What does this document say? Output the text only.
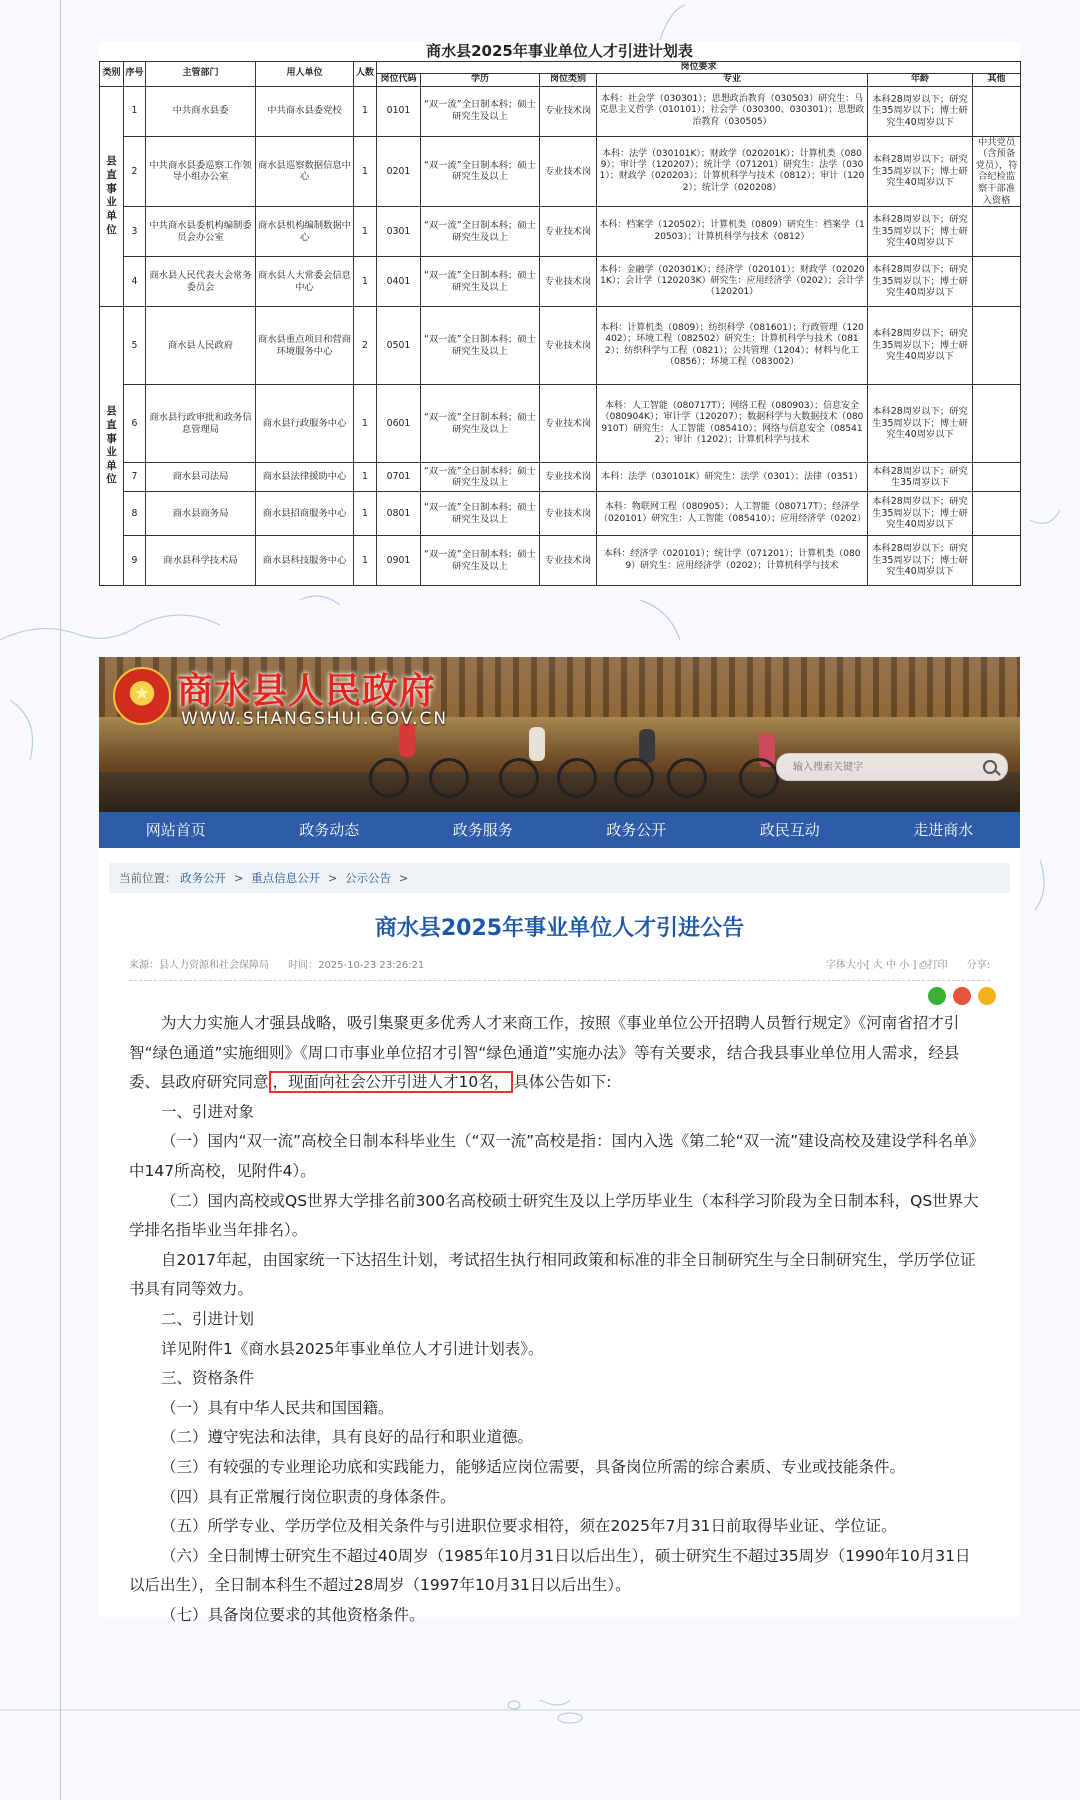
商水县2025年事业单位人才引进计划表
类别	序号	主管部门	用人单位	人数	岗位要求					
					岗位代码	学历	岗位类别	专业	年龄	其他
县直事业单位	1	中共商水县委	中共商水县委党校	1	0101	“双一流”全日制本科；硕士研究生及以上	专业技术岗	本科：社会学（030301）；思想政治教育（030503）研究生：马克思主义哲学（010101）；社会学（030300、030301）；思想政治教育（030505）	本科28周岁以下；研究生35周岁以下；博士研究生40周岁以下	
	2	中共商水县委巡察工作领导小组办公室	商水县巡察数据信息中心	1	0201	“双一流”全日制本科；硕士研究生及以上	专业技术岗	本科：法学（030101K）；财政学（020201K）；计算机类（0809）；审计学（120207）；统计学（071201）研究生：法学（0301）；财政学（020203）；计算机科学与技术（0812）；审计（1202）；统计学（020208）	本科28周岁以下；研究生35周岁以下；博士研究生40周岁以下	中共党员（含预备党员），符合纪检监察干部准入资格
	3	中共商水县委机构编制委员会办公室	商水县机构编制数据中心	1	0301	“双一流”全日制本科；硕士研究生及以上	专业技术岗	本科：档案学（120502）；计算机类（0809）研究生：档案学（120503）；计算机科学与技术（0812）	本科28周岁以下；研究生35周岁以下；博士研究生40周岁以下	
	4	商水县人民代表大会常务委员会	商水县人大常委会信息中心	1	0401	“双一流”全日制本科；硕士研究生及以上	专业技术岗	本科：金融学（020301K）；经济学（020101）；财政学（020201K）；会计学（120203K）研究生：应用经济学（0202）；会计学（120201）	本科28周岁以下；研究生35周岁以下；博士研究生40周岁以下	
县直事业单位	5	商水县人民政府	商水县重点项目和营商环境服务中心	2	0501	“双一流”全日制本科；硕士研究生及以上	专业技术岗	本科：计算机类（0809）；纺织科学（081601）；行政管理（120402）；环境工程（082502）研究生：计算机科学与技术（0812）；纺织科学与工程（0821）；公共管理（1204）；材料与化工（0856）；环境工程（083002）	本科28周岁以下；研究生35周岁以下；博士研究生40周岁以下	
	6	商水县行政审批和政务信息管理局	商水县行政服务中心	1	0601	“双一流”全日制本科；硕士研究生及以上	专业技术岗	本科：人工智能（080717T）；网络工程（080903）；信息安全（080904K）；审计学（120207）；数据科学与大数据技术（080910T）研究生：人工智能（085410）；网络与信息安全（085412）；审计（1202）；计算机科学与技术	本科28周岁以下；研究生35周岁以下；博士研究生40周岁以下	
	7	商水县司法局	商水县法律援助中心	1	0701	“双一流”全日制本科；硕士研究生及以上	专业技术岗	本科：法学（030101K）研究生：法学（0301）；法律（0351）	本科28周岁以下；研究生35周岁以下	
	8	商水县商务局	商水县招商服务中心	1	0801	“双一流”全日制本科；硕士研究生及以上	专业技术岗	本科：物联网工程（080905）；人工智能（080717T）；经济学（020101）研究生：人工智能（085410）；应用经济学（0202）	本科28周岁以下；研究生35周岁以下；博士研究生40周岁以下	
	9	商水县科学技术局	商水县科技服务中心	1	0901	“双一流”全日制本科；硕士研究生及以上	专业技术岗	本科：经济学（020101）；统计学（071201）；计算机类（0809）研究生：应用经济学（0202）；计算机科学与技术	本科28周岁以下；研究生35周岁以下；博士研究生40周岁以下	
★ 商水县人民政府
WWW.SHANGSHUI.GOV.CN
输入搜索关键字
网站首页	政务动态	政务服务	政务公开	政民互动	走进商水
当前位置： 政务公开 > 重点信息公开 > 公示公告 >
商水县2025年事业单位人才引进公告
来源：县人力资源和社会保障局 时间：2025-10-23 23:26:21	字体大小[ 大 中 小 ] ⎙打印 分享:

为大力实施人才强县战略，吸引集聚更多优秀人才来商工作，按照《事业单位公开招聘人员暂行规定》《河南省招才引智“绿色通道”实施细则》《周口市事业单位招才引智“绿色通道”实施办法》等有关要求，结合我县事业单位用人需求，经县委、县政府研究同意 ，现面向社会公开引进人才10名， 具体公告如下:

一、引进对象

（一）国内“双一流”高校全日制本科毕业生（“双一流”高校是指：国内入选《第二轮“双一流”建设高校及建设学科名单》中147所高校，见附件4）。

（二）国内高校或QS世界大学排名前300名高校硕士研究生及以上学历毕业生（本科学习阶段为全日制本科，QS世界大学排名指毕业当年排名）。

自2017年起，由国家统一下达招生计划，考试招生执行相同政策和标准的非全日制研究生与全日制研究生，学历学位证书具有同等效力。

二、引进计划

详见附件1《商水县2025年事业单位人才引进计划表》。

三、资格条件

（一）具有中华人民共和国国籍。

（二）遵守宪法和法律，具有良好的品行和职业道德。

（三）有较强的专业理论功底和实践能力，能够适应岗位需要，具备岗位所需的综合素质、专业或技能条件。

（四）具有正常履行岗位职责的身体条件。

（五）所学专业、学历学位及相关条件与引进职位要求相符，须在2025年7月31日前取得毕业证、学位证。

（六）全日制博士研究生不超过40周岁（1985年10月31日以后出生），硕士研究生不超过35周岁（1990年10月31日以后出生），全日制本科生不超过28周岁（1997年10月31日以后出生）。

（七）具备岗位要求的其他资格条件。
